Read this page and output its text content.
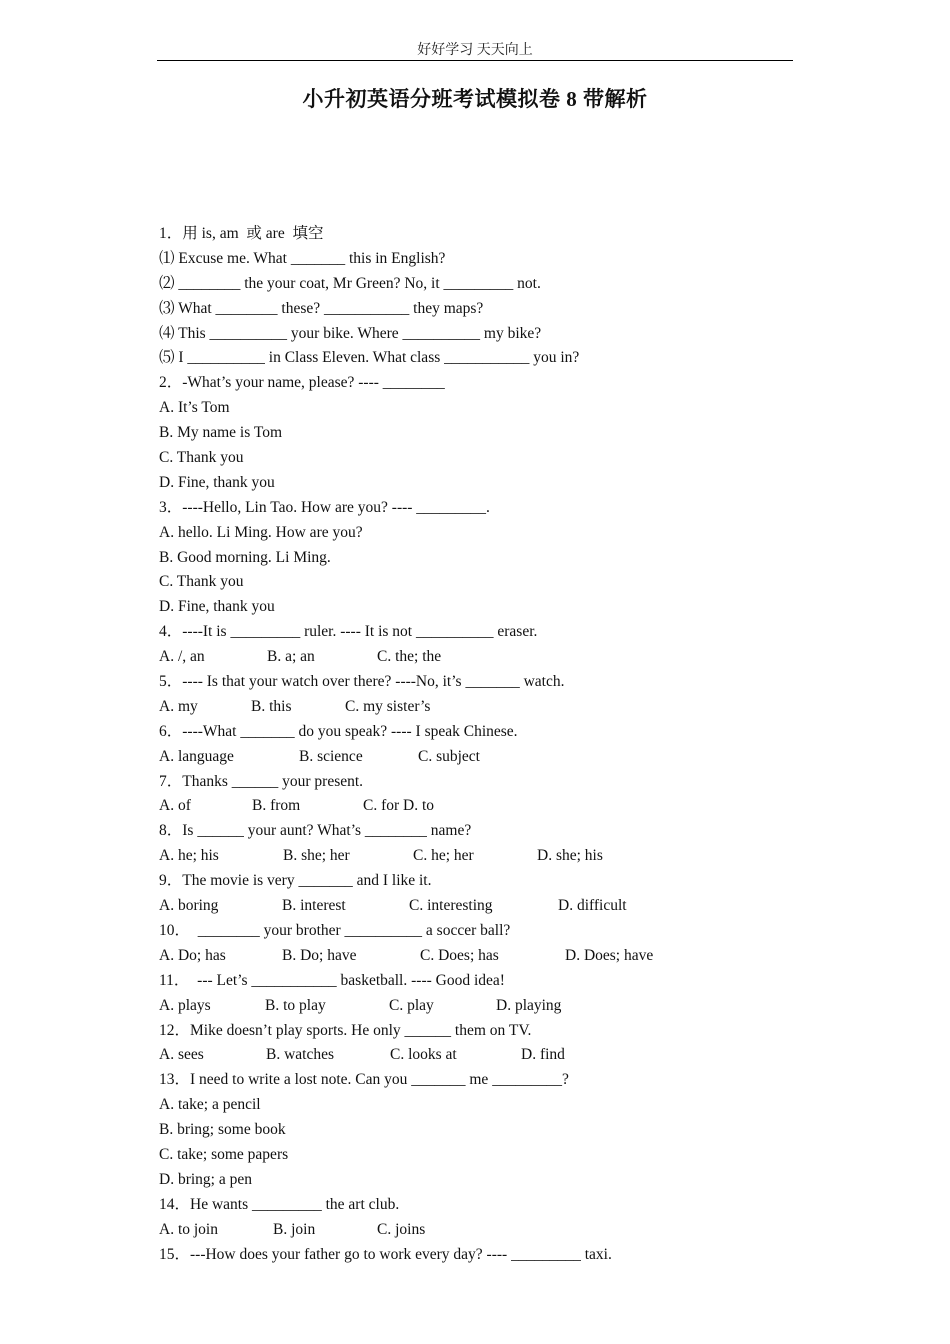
好好学习 天天向上
小升初英语分班考试模拟卷 8 带解析
1．用 is, am  或 are  填空
⑴ Excuse me. What _______ this in English?
⑵ ________ the your coat, Mr Green? No, it _________ not.
⑶ What ________ these? ___________ they maps?
⑷ This __________ your bike. Where __________ my bike?
⑸ I __________ in Class Eleven. What class ___________ you in?
2．-What’s your name, please? ---- ________
A. It’s Tom
B. My name is Tom
C. Thank you
D. Fine, thank you
3．----Hello, Lin Tao. How are you? ---- _________.
A. hello. Li Ming. How are you?
B. Good morning. Li Ming.
C. Thank you
D. Fine, thank you
4．----It is _________ ruler. ---- It is not __________ eraser.
A. /, an	B. a; an	C. the; the
5．---- Is that your watch over there? ----No, it’s _______ watch.
A. my	B. this	C. my sister’s
6．----What _______ do you speak? ---- I speak Chinese.
A. language	B. science	C. subject
7．Thanks ______ your present.
A. of	B. from	C. for D. to
8．Is ______ your aunt? What’s ________ name?
A. he; his	B. she; her	C. he; her	D. she; his
9．The movie is very _______ and I like it.
A. boring	B. interest	C. interesting	D. difficult
10．  ________ your brother __________ a soccer ball?
A. Do; has	B. Do; have	C. Does; has	D. Does; have
11．  --- Let’s ___________ basketball. ---- Good idea!
A. plays	B. to play	C. play	D. playing
12．Mike doesn’t play sports. He only ______ them on TV.
A. sees	B. watches	C. looks at	D. find
13．I need to write a lost note. Can you _______ me _________?
A. take; a pencil
B. bring; some book
C. take; some papers
D. bring; a pen
14．He wants _________ the art club.
A. to join	B. join	C. joins
15．---How does your father go to work every day? ---- _________ taxi.
